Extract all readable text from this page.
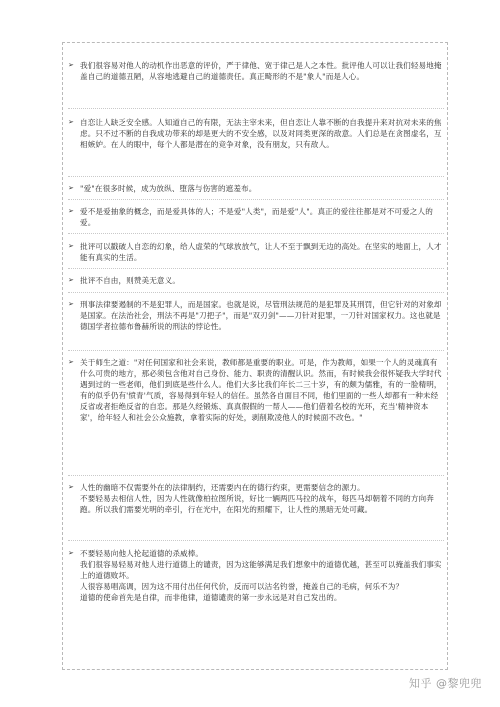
➢ 我们很容易对他人的动机作出恶意的评价，严于律他、宽于律己是人之本性。批评他人可以让我们轻易地掩盖自己的道德丑陋，从容地逃避自己的道德责任。真正畸形的不是"象人"而是人心。

➢ 自恋让人缺乏安全感。人知道自己的有限，无法主宰未来，但自恋让人靠不断的自我提升来对抗对未来的焦虑。只不过不断的自我成功带来的却是更大的不安全感，以及对同类更深的敌意。人们总是在贪图虚名，互相嫉妒。在人的眼中，每个人都是潜在的竞争对象，没有朋友，只有敌人。

➢ "爱"在很多时候，成为放纵、堕落与伤害的遮羞布。

➢ 爱不是爱抽象的概念，而是爱具体的人；不是爱"人类"，而是爱"人"。真正的爱往往都是对不可爱之人的爱。

➢ 批评可以戳破人自恋的幻象，给人虚荣的气球放放气，让人不至于飘到无边的高处。在坚实的地面上，人才能有真实的生活。

➢ 批评不自由，则赞美无意义。

➢ 刑事法律要遏制的不是犯罪人，而是国家。也就是说，尽管刑法规范的是犯罪及其刑罚，但它针对的对象却是国家。在法治社会，刑法不再是"刀把子"，而是"双刃剑"——刀针对犯罪，一刀针对国家权力。这也就是德国学者拉德布鲁赫所说的刑法的悖论性。

➢ 关于师生之道："对任何国家和社会来说，教师都是重要的职业。可是，作为教师，如果一个人的灵魂真有什么可贵的地方，那必须包含他对自己身份、能力、职责的清醒认识。然而，有时候我会很怀疑我大学时代遇到过的一些老师，他们到底是些什么人。他们大多比我们年长二三十岁，有的颇为儒雅，有的一脸精明，有的似乎仍有'愤青'气质，容易得到年轻人的信任。虽然各自面目不同，他们里面的一些人却都有一种未经反省或者拒绝反省的自恋。那是久经锻炼、真真假假的一帮人——他们借着名校的光环，充当'精神资本家'，给年轻人和社会公众施教，拿着实际的好处，剥削欺凌他人的时候面不改色。"

➢ 人性的幽暗不仅需要外在的法律制约，还需要内在的德行约束，更需要信念的源力。
不要轻易去相信人性，因为人性就像柏拉图所说，好比一辆两匹马拉的战车，每匹马却朝着不同的方向奔跑。所以我们需要光明的牵引，行在光中，在阳光的照耀下，让人性的黑暗无处可藏。

➢ 不要轻易向他人抡起道德的杀威棒。
我们很容易轻易对他人进行道德上的谴责，因为这能够满足我们想象中的道德优越，甚至可以掩盖我们事实上的道德败坏。
人很容易唱高调，因为这不用付出任何代价，反而可以沽名钓誉，掩盖自己的毛病，何乐不为？
道德的使命首先是自律，而非他律，道德谴责的第一步永远是对自己发出的。

知乎 @黎兜兜
